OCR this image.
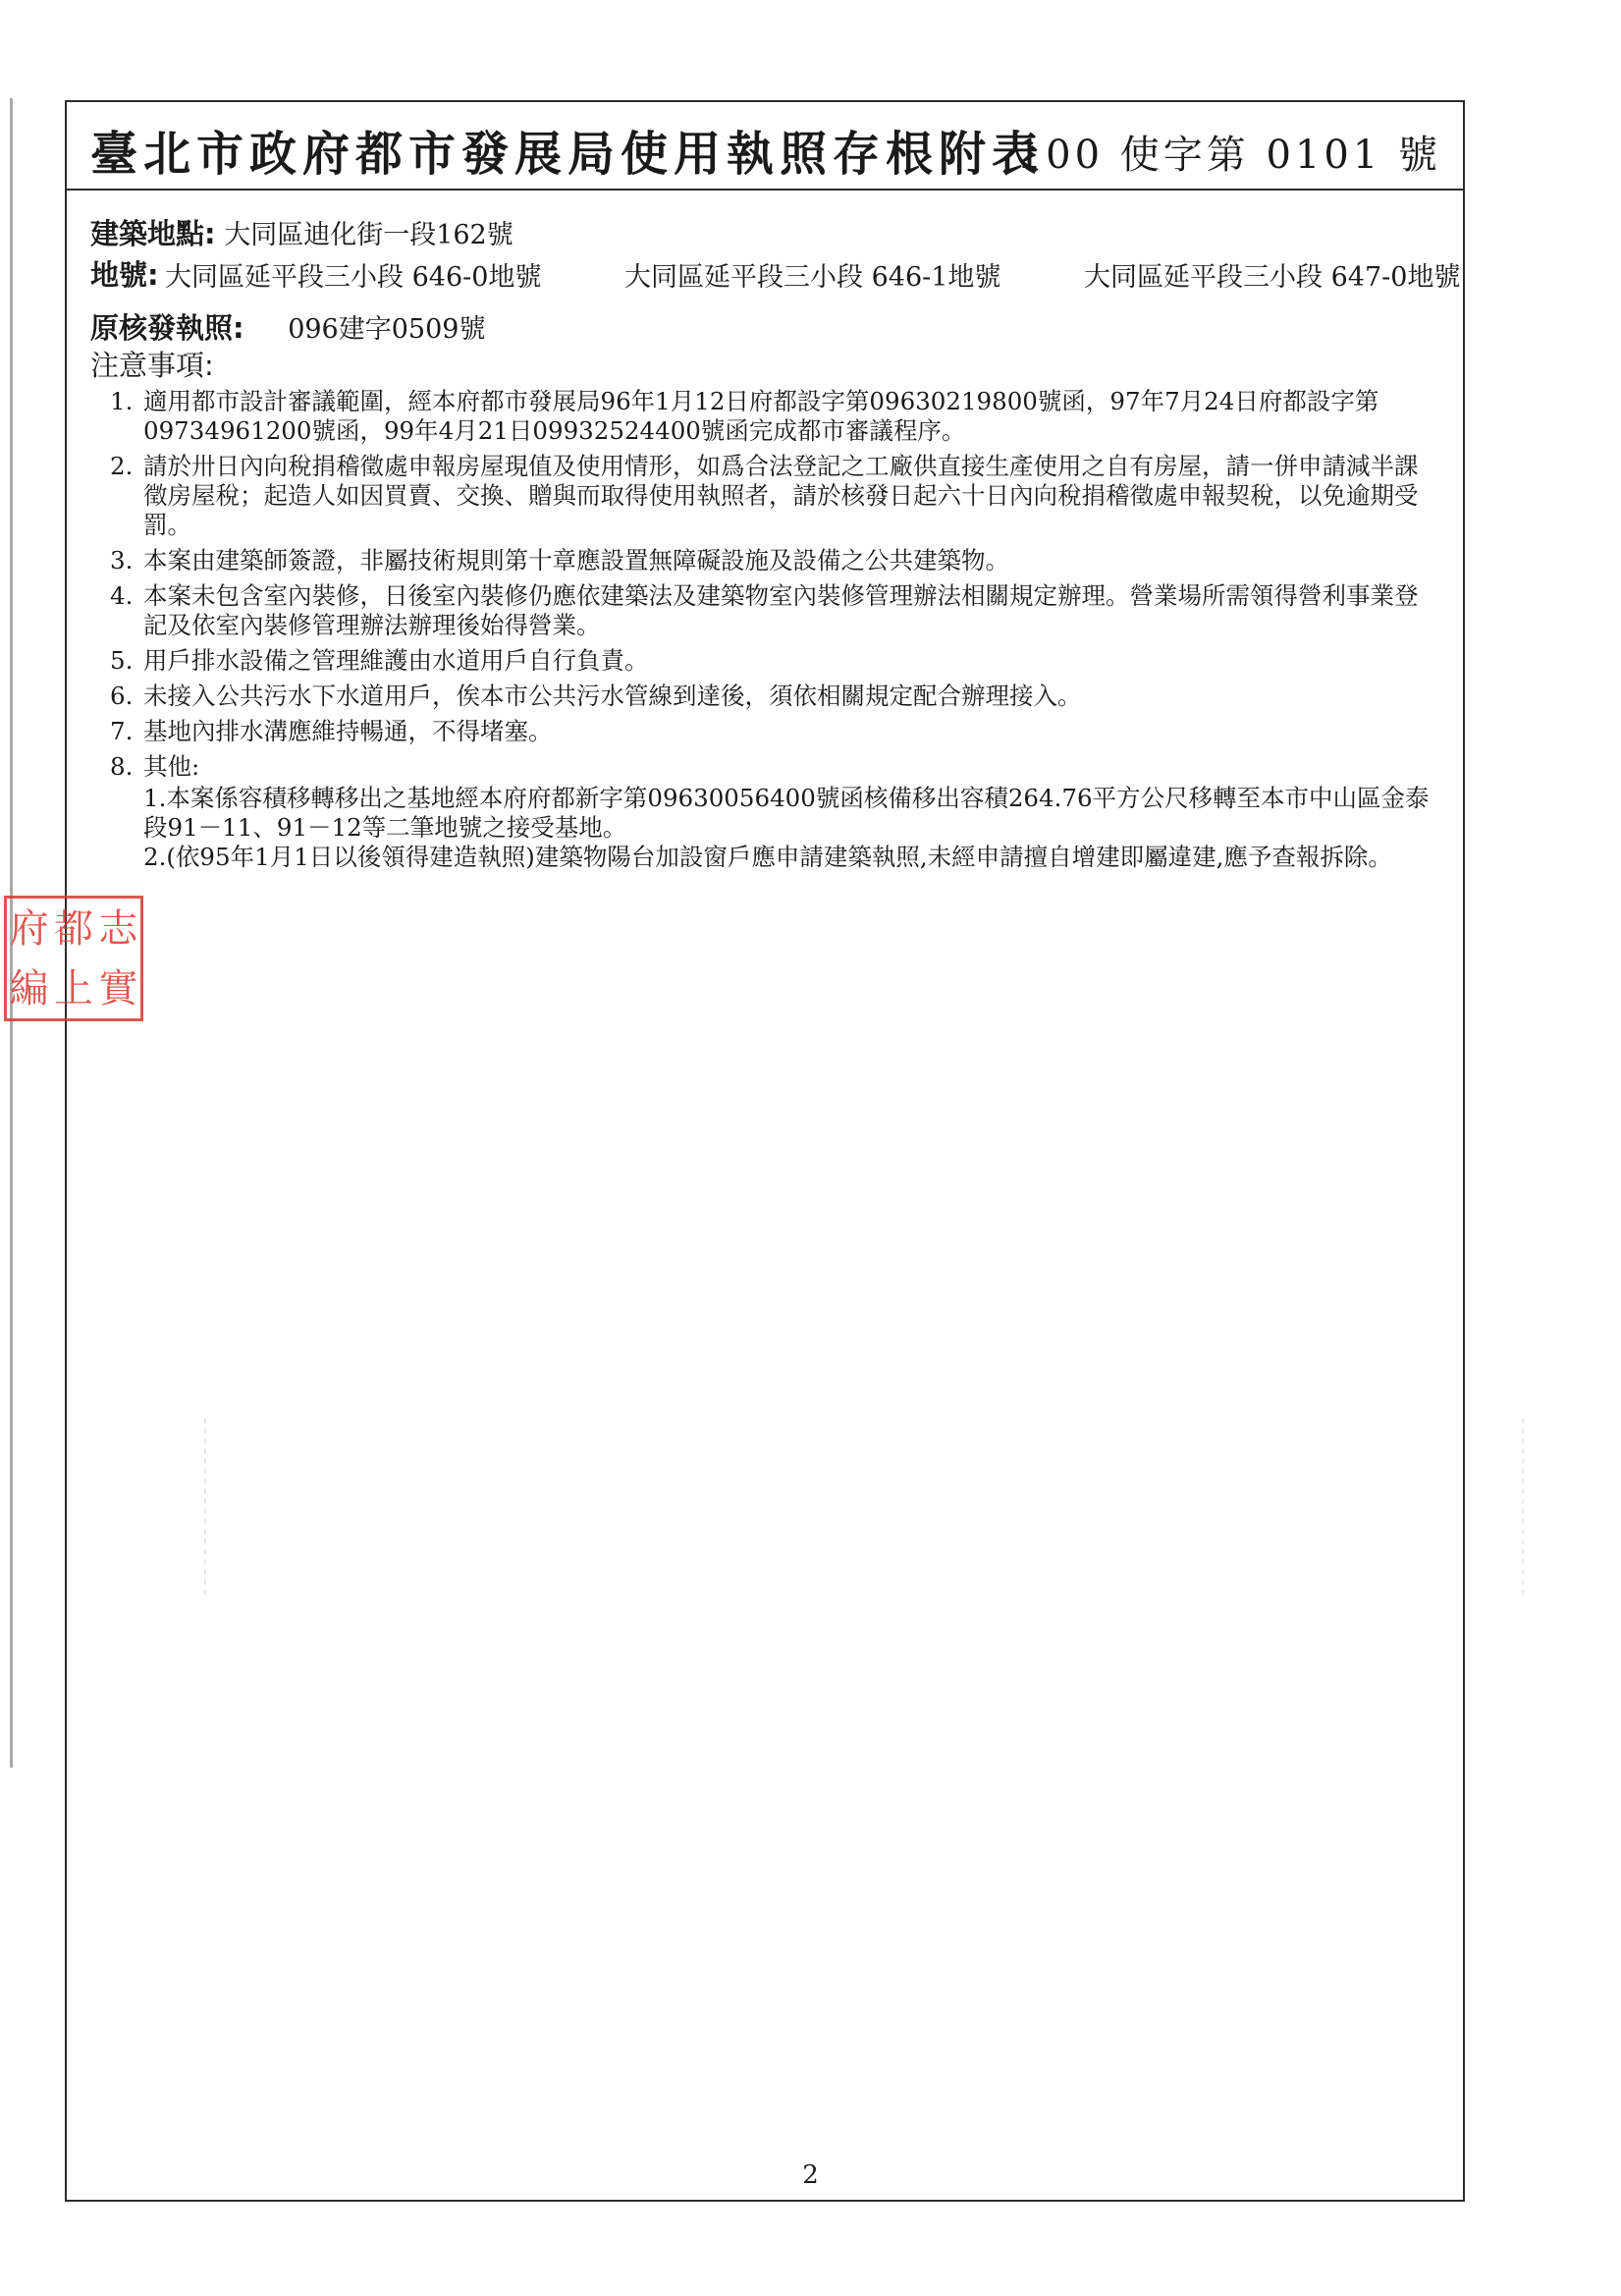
臺北市政府都市發展局使用執照存根附表
100 使字第 0101 號
建築地點: 大同區迪化街一段162號
地號: 大同區延平段三小段 646-0地號	大同區延平段三小段 646-1地號	大同區延平段三小段 647-0地號
原核發執照: 096建字0509號
注意事項:
1. 適用都市設計審議範圍，經本府都市發展局96年1月12日府都設字第09630219800號函，97年7月24日府都設字第09734961200號函，99年4月21日09932524400號函完成都市審議程序。
2. 請於卅日內向稅捐稽徵處申報房屋現值及使用情形，如爲合法登記之工廠供直接生產使用之自有房屋，請一併申請減半課徵房屋稅；起造人如因買賣、交換、贈與而取得使用執照者，請於核發日起六十日內向稅捐稽徵處申報契稅，以免逾期受罰。
3. 本案由建築師簽證，非屬技術規則第十章應設置無障礙設施及設備之公共建築物。
4. 本案未包含室內裝修，日後室內裝修仍應依建築法及建築物室內裝修管理辦法相關規定辦理。營業場所需領得營利事業登記及依室內裝修管理辦法辦理後始得營業。
5. 用戶排水設備之管理維護由水道用戶自行負責。
6. 未接入公共污水下水道用戶，俟本市公共污水管線到達後，須依相關規定配合辦理接入。
7. 基地內排水溝應維持暢通，不得堵塞。
8. 其他:
1.本案係容積移轉移出之基地經本府府都新字第09630056400號函核備移出容積264.76平方公尺移轉至本市中山區金泰段91－11、91－12等二筆地號之接受基地。
2.(依95年1月1日以後領得建造執照)建築物陽台加設窗戶應申請建築執照,未經申請擅自增建即屬違建,應予查報拆除。
府 都 志
編 上 實
2
